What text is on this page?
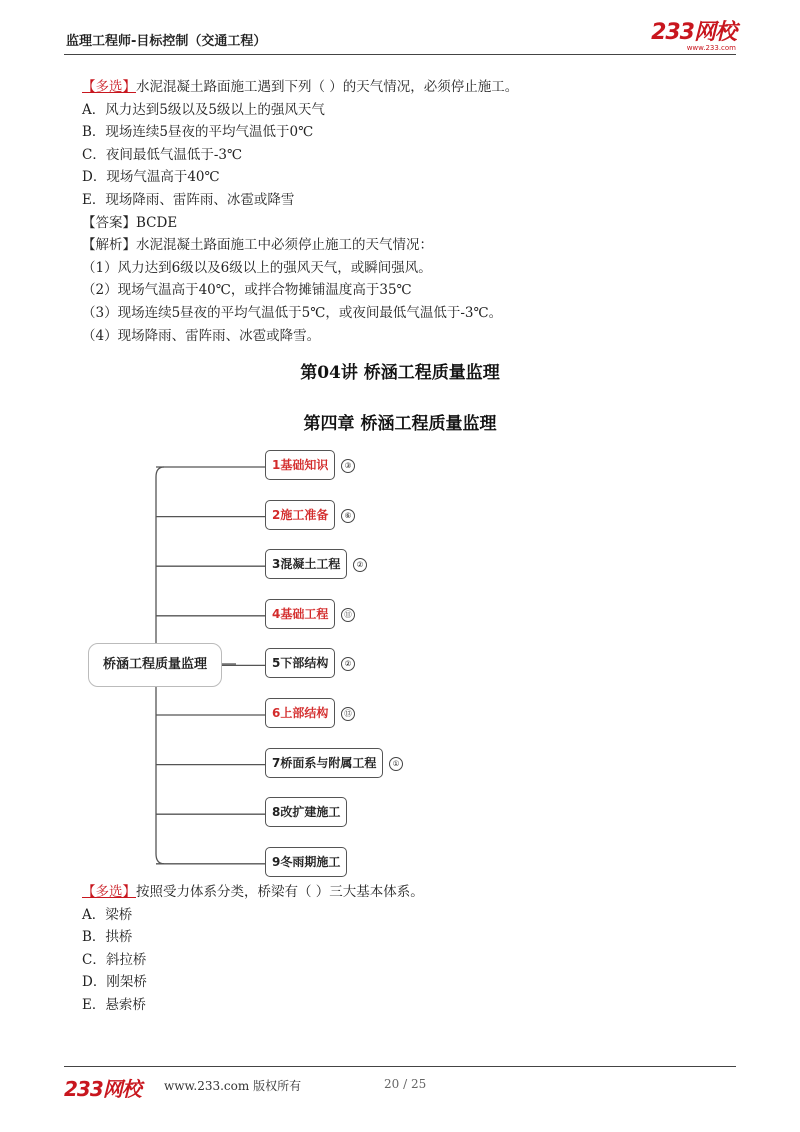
监理工程师-目标控制（交通工程）	233网校
www.233.com
【多选】水泥混凝土路面施工遇到下列（ ）的天气情况，必须停止施工。
A．风力达到5级以及5级以上的强风天气
B．现场连续5昼夜的平均气温低于0℃
C．夜间最低气温低于-3℃
D．现场气温高于40℃
E．现场降雨、雷阵雨、冰雹或降雪
【答案】BCDE
【解析】水泥混凝土路面施工中必须停止施工的天气情况：
（1）风力达到6级以及6级以上的强风天气，或瞬间强风。
（2）现场气温高于40℃，或拌合物摊铺温度高于35℃
（3）现场连续5昼夜的平均气温低于5℃，或夜间最低气温低于-3℃。
（4）现场降雨、雷阵雨、冰雹或降雪。
第04讲 桥涵工程质量监理
第四章 桥涵工程质量监理
桥涵工程质量监理
1基础知识	③
2施工准备	⑥
3混凝土工程	②
4基础工程	⑪
5下部结构	②
6上部结构	⑬
7桥面系与附属工程	①
8改扩建施工
9冬雨期施工
【多选】按照受力体系分类，桥梁有（ ）三大基本体系。
A．梁桥
B．拱桥
C．斜拉桥
D．刚架桥
E．悬索桥
233网校 www.233.com 版权所有	20 / 25
